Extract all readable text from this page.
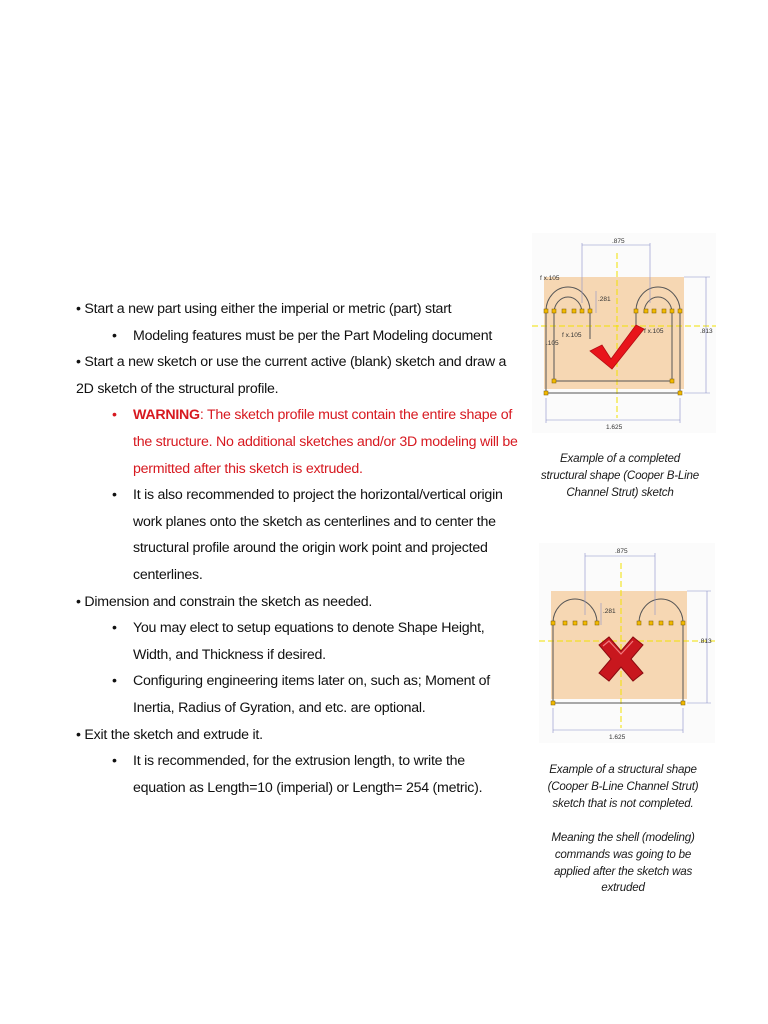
• Start a new part using either the imperial or metric (part) start
• Modeling features must be per the Part Modeling document
• Start a new sketch or use the current active (blank) sketch and draw a 2D sketch of the structural profile.
• WARNING: The sketch profile must contain the entire shape of the structure. No additional sketches and/or 3D modeling will be permitted after this sketch is extruded.
• It is also recommended to project the horizontal/vertical origin work planes onto the sketch as centerlines and to center the structural profile around the origin work point and projected centerlines.
• Dimension and constrain the sketch as needed.
• You may elect to setup equations to denote Shape Height, Width, and Thickness if desired.
• Configuring engineering items later on, such as; Moment of Inertia, Radius of Gyration, and etc. are optional.
• Exit the sketch and extrude it.
• It is recommended, for the extrusion length, to write the equation as Length=10 (imperial) or Length= 254 (metric).
.875
1.625
.813
.281
f x.105
f x.105
f x.105
.105
Example of a completed structural shape (Cooper B-Line Channel Strut) sketch
.875
1.625
.813
.281
Example of a structural shape (Cooper B-Line Channel Strut) sketch that is not completed.
Meaning the shell (modeling) commands was going to be applied after the sketch was extruded
